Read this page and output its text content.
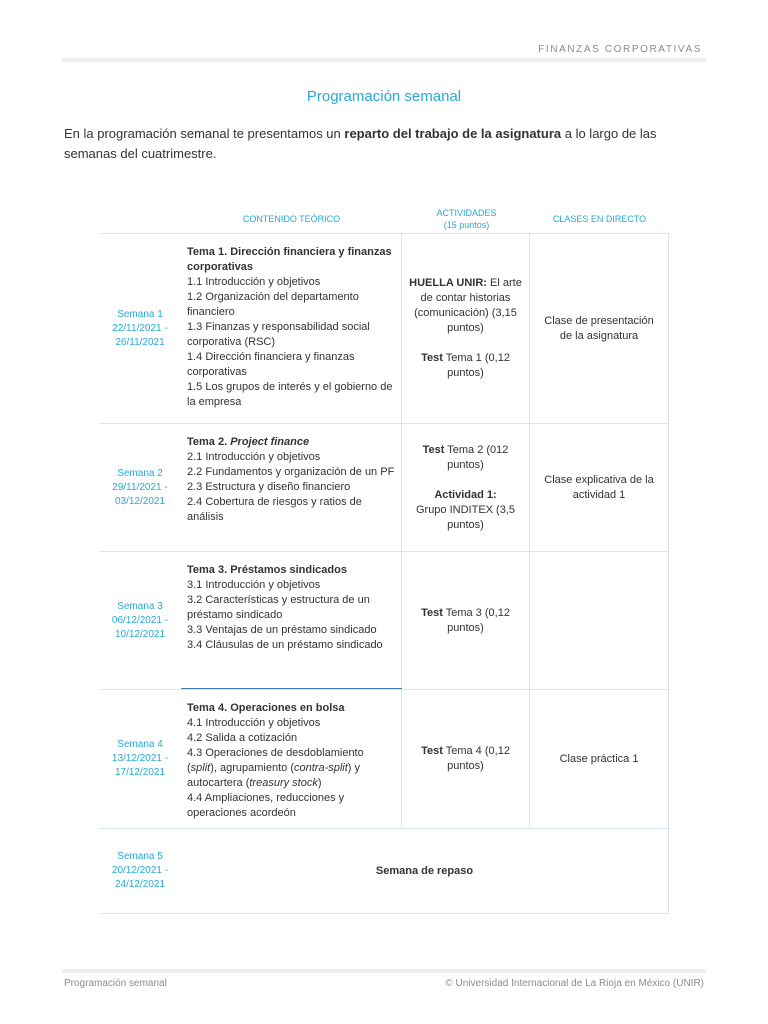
FINANZAS CORPORATIVAS
Programación semanal

En la programación semanal te presentamos un reparto del trabajo de la asignatura a lo largo de las semanas del cuatrimestre.

CONTENIDO TEÓRICO
ACTIVIDADES
(15 puntos)
CLASES EN DIRECTO
Semana 1
22/11/2021 - 26/11/2021
Tema 1. Dirección financiera y finanzas corporativas
1.1 Introducción y objetivos
1.2 Organización del departamento financiero
1.3 Finanzas y responsabilidad social corporativa (RSC)
1.4 Dirección financiera y finanzas corporativas
1.5 Los grupos de interés y el gobierno de la empresa
HUELLA UNIR: El arte de contar historias (comunicación) (3,15 puntos)
Test Tema 1 (0,12 puntos)
Clase de presentación de la asignatura
Semana 2
29/11/2021 - 03/12/2021
Tema 2. Project finance
2.1 Introducción y objetivos
2.2 Fundamentos y organización de un PF
2.3 Estructura y diseño financiero
2.4 Cobertura de riesgos y ratios de análisis
Test Tema 2 (012 puntos)
Actividad 1:
Grupo INDITEX (3,5 puntos)
Clase explicativa de la actividad 1
Semana 3
06/12/2021 - 10/12/2021
Tema 3. Préstamos sindicados
3.1 Introducción y objetivos
3.2 Características y estructura de un préstamo sindicado
3.3 Ventajas de un préstamo sindicado
3.4 Cláusulas de un préstamo sindicado
Test Tema 3 (0,12 puntos)
Semana 4
13/12/2021 - 17/12/2021
Tema 4. Operaciones en bolsa
4.1 Introducción y objetivos
4.2 Salida a cotización
4.3 Operaciones de desdoblamiento (split), agrupamiento (contra-split) y autocartera (treasury stock)
4.4 Ampliaciones, reducciones y operaciones acordeón
Test Tema 4 (0,12 puntos)
Clase práctica 1
Semana 5
20/12/2021 - 24/12/2021
Semana de repaso
Programación semanal	© Universidad Internacional de La Rioja en México (UNIR)
